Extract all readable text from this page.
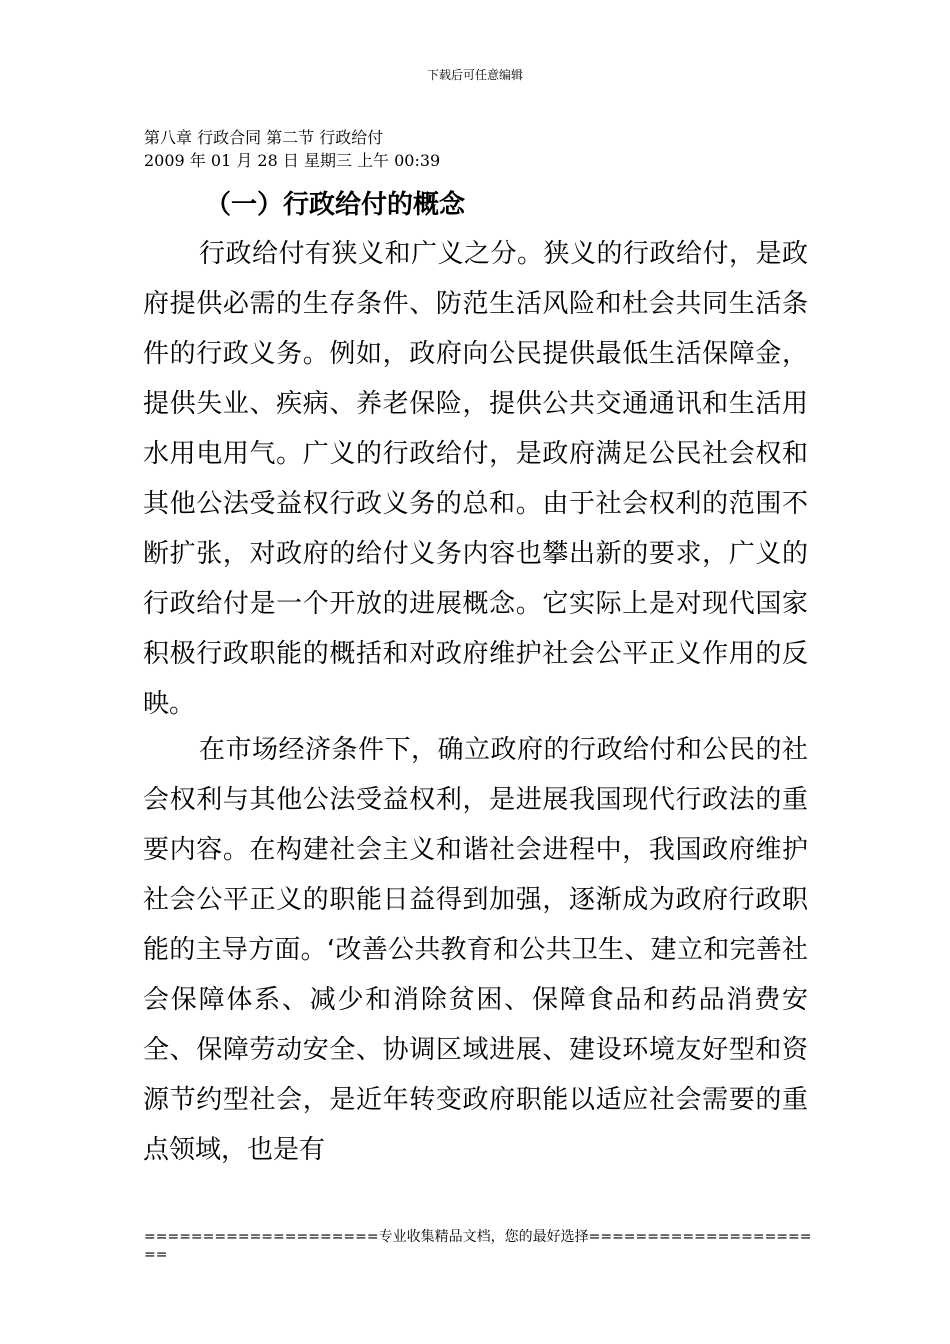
下载后可任意编辑
第八章 行政合同 第二节 行政给付
2009 年 01 月 28 日 星期三 上午 00:39
（一）行政给付的概念

行政给付有狭义和广义之分。狭义的行政给付，是政府提供必需的生存条件、防范生活风险和杜会共同生活条件的行政义务。例如，政府向公民提供最低生活保障金，提供失业、疾病、养老保险，提供公共交通通讯和生活用水用电用气。广义的行政给付，是政府满足公民社会权和其他公法受益权行政义务的总和。由于社会权利的范围不断扩张，对政府的给付义务内容也攀出新的要求，广义的行政给付是一个开放的进展概念。它实际上是对现代国家积极行政职能的概括和对政府维护社会公平正义作用的反映。

在市场经济条件下，确立政府的行政给付和公民的社会权利与其他公法受益权利，是进展我国现代行政法的重要内容。在构建社会主义和谐社会进程中，我国政府维护社会公平正义的职能日益得到加强，逐渐成为政府行政职能的主导方面。‘改善公共教育和公共卫生、建立和完善社会保障体系、减少和消除贫困、保障食品和药品消费安全、保障劳动安全、协调区域进展、建设环境友好型和资源节约型社会，是近年转变政府职能以适应社会需要的重点领域，也是有

====================专业收集精品文档，您的最好选择=====================
